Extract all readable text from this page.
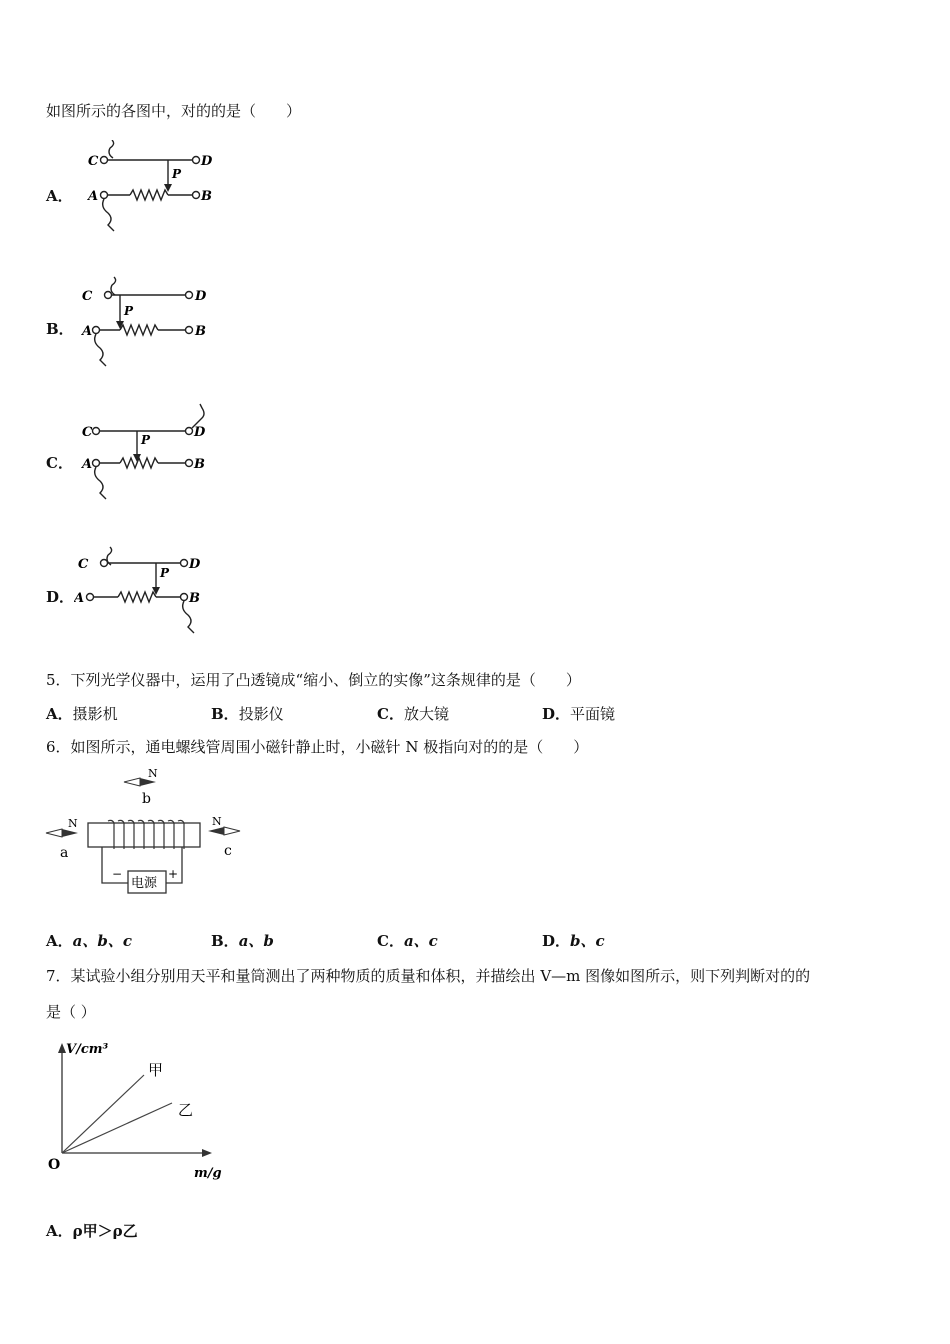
如图所示的各图中，对的的是（　　）
A．
C	D
P
A	B
B．
C	D
P
A	B
C．
C	D
P
A	B
D．
C	D
P
A	B
5．下列光学仪器中，运用了凸透镜成“缩小、倒立的实像”这条规律的是（　　）
A．摄影机	B．投影仪	C．放大镜	D．平面镜
6．如图所示，通电螺线管周围小磁针静止时，小磁针 N 极指向对的的是（　　）
N
b
N
a
N
c
电源
−	+
A．a、b、c	B．a、b	C．a、c	D．b、c
7．某试验小组分别用天平和量筒测出了两种物质的质量和体积，并描绘出 V—m 图像如图所示，则下列判断对的的
是（ ）
V/cm³
m/g
O
甲
乙
A．ρ甲＞ρ乙
